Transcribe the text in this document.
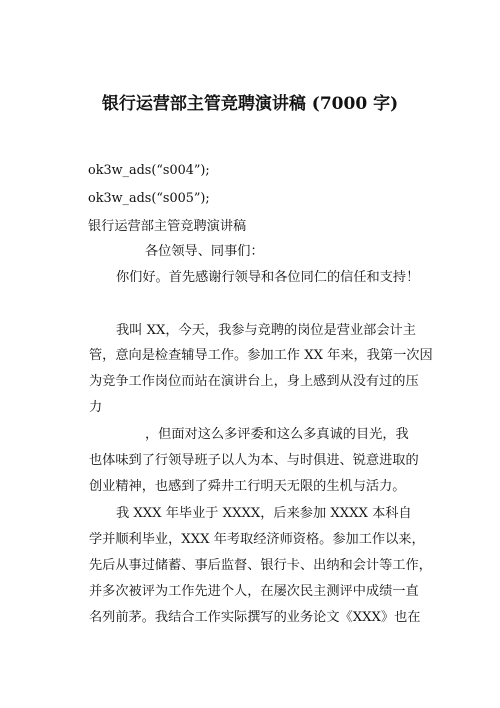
银行运营部主管竞聘演讲稿 (7000 字)
ok3w_ads(“s004”);
ok3w_ads(“s005”);
银行运营部主管竞聘演讲稿
各位领导、同事们：
你们好。首先感谢行领导和各位同仁的信任和支持！
我叫 XX，今天，我参与竞聘的岗位是营业部会计主
管，意向是检查辅导工作。参加工作 XX 年来，我第一次因
为竞争工作岗位而站在演讲台上，身上感到从没有过的压
力
，但面对这么多评委和这么多真诚的目光，我
也体味到了行领导班子以人为本、与时俱进、锐意进取的
创业精神，也感到了舜井工行明天无限的生机与活力。
我 XXX 年毕业于 XXXX，后来参加 XXXX 本科自
学并顺利毕业，XXX 年考取经济师资格。参加工作以来，
先后从事过储蓄、事后监督、银行卡、出纳和会计等工作，
并多次被评为工作先进个人，在屡次民主测评中成绩一直
名列前茅。我结合工作实际撰写的业务论文《XXX》也在
